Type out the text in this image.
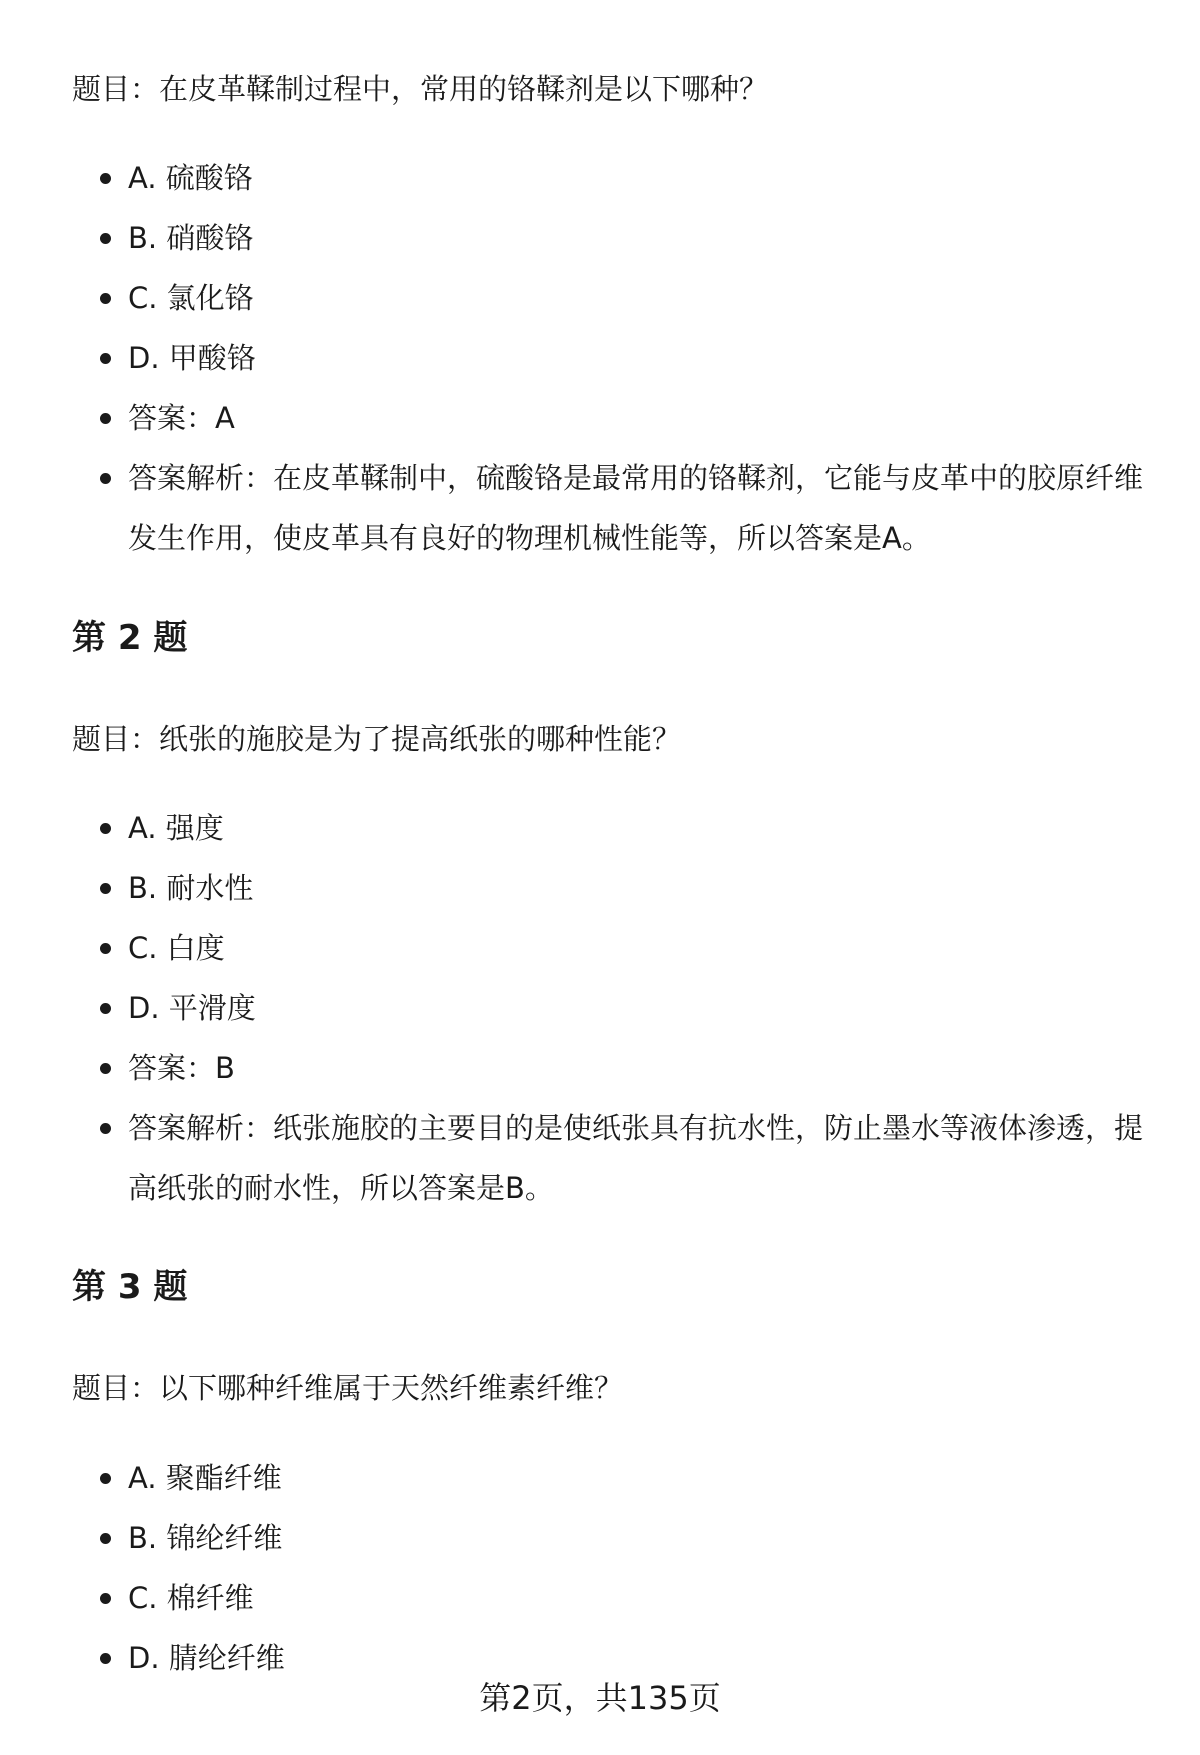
题目：在皮革鞣制过程中，常用的铬鞣剂是以下哪种？
A. 硫酸铬
B. 硝酸铬
C. 氯化铬
D. 甲酸铬
答案：A
答案解析：在皮革鞣制中，硫酸铬是最常用的铬鞣剂，它能与皮革中的胶原纤维发生作用，使皮革具有良好的物理机械性能等，所以答案是A。
第 2 题
题目：纸张的施胶是为了提高纸张的哪种性能？
A. 强度
B. 耐水性
C. 白度
D. 平滑度
答案：B
答案解析：纸张施胶的主要目的是使纸张具有抗水性，防止墨水等液体渗透，提高纸张的耐水性，所以答案是B。
第 3 题
题目：以下哪种纤维属于天然纤维素纤维？
A. 聚酯纤维
B. 锦纶纤维
C. 棉纤维
D. 腈纶纤维
第2页，共135页
